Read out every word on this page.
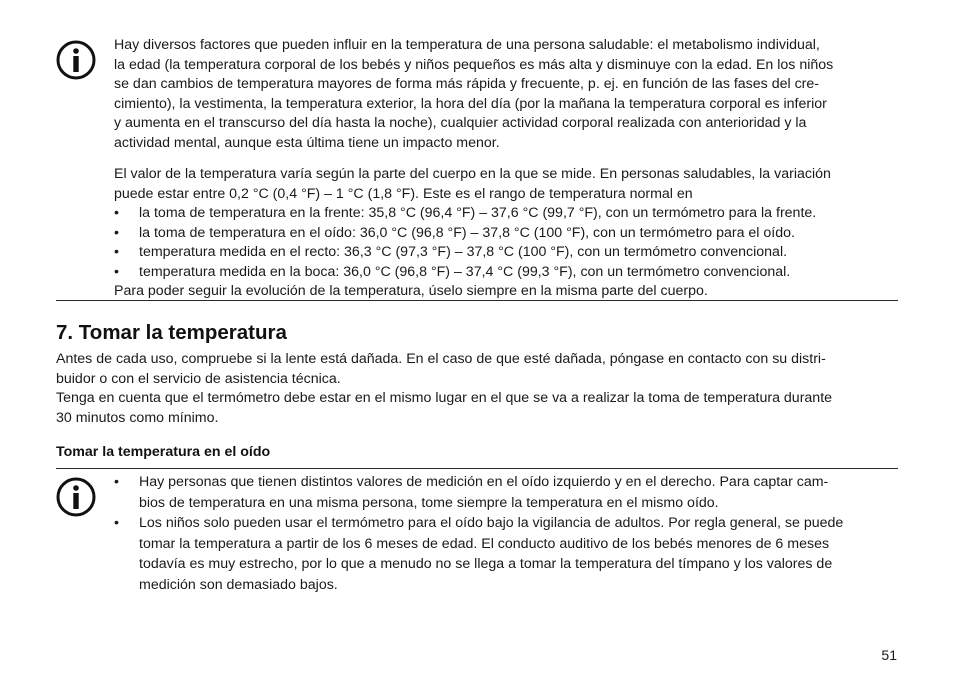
Hay diversos factores que pueden influir en la temperatura de una persona saludable: el metabolismo individual,
la edad (la temperatura corporal de los bebés y niños pequeños es más alta y disminuye con la edad. En los niños
se dan cambios de temperatura mayores de forma más rápida y frecuente, p. ej. en función de las fases del cre-
cimiento), la vestimenta, la temperatura exterior, la hora del día (por la mañana la temperatura corporal es inferior
y aumenta en el transcurso del día hasta la noche), cualquier actividad corporal realizada con anterioridad y la
actividad mental, aunque esta última tiene un impacto menor.

El valor de la temperatura varía según la parte del cuerpo en la que se mide. En personas saludables, la variación
puede estar entre 0,2 °C (0,4 °F) – 1 °C (1,8 °F). Este es el rango de temperatura normal en

• la toma de temperatura en la frente: 35,8 °C (96,4 °F) – 37,6 °C (99,7 °F), con un termómetro para la frente.
• la toma de temperatura en el oído: 36,0 °C (96,8 °F) – 37,8 °C (100 °F), con un termómetro para el oído.
• temperatura medida en el recto: 36,3 °C (97,3 °F) – 37,8 °C (100 °F), con un termómetro convencional.
• temperatura medida en la boca: 36,0 °C (96,8 °F) – 37,4 °C (99,3 °F), con un termómetro convencional.

Para poder seguir la evolución de la temperatura, úselo siempre en la misma parte del cuerpo.

7. Tomar la temperatura

Antes de cada uso, compruebe si la lente está dañada. En el caso de que esté dañada, póngase en contacto con su distri-
buidor o con el servicio de asistencia técnica.

Tenga en cuenta que el termómetro debe estar en el mismo lugar en el que se va a realizar la toma de temperatura durante
30 minutos como mínimo.

Tomar la temperatura en el oído
• Hay personas que tienen distintos valores de medición en el oído izquierdo y en el derecho. Para captar cam-
bios de temperatura en una misma persona, tome siempre la temperatura en el mismo oído.
• Los niños solo pueden usar el termómetro para el oído bajo la vigilancia de adultos. Por regla general, se puede
tomar la temperatura a partir de los 6 meses de edad. El conducto auditivo de los bebés menores de 6 meses
todavía es muy estrecho, por lo que a menudo no se llega a tomar la temperatura del tímpano y los valores de
medición son demasiado bajos.
51
